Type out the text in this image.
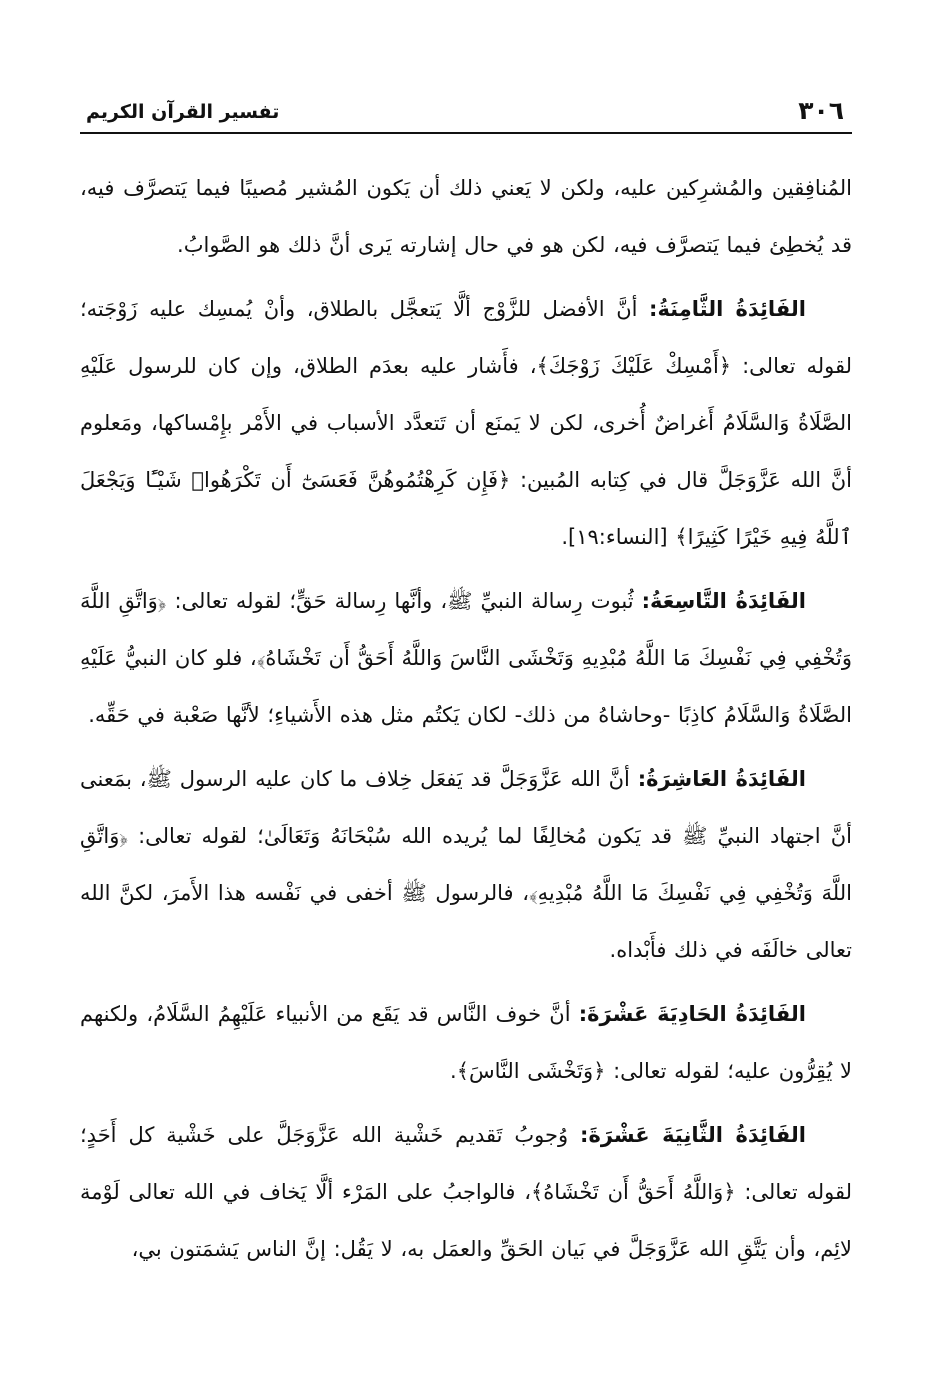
٣٠٦
تفسير القرآن الكريم

المُنافِقين والمُشرِكين عليه، ولكن لا يَعني ذلك أن يَكون المُشير مُصيبًا فيما يَتصرَّف فيه، قد يُخطِئ فيما يَتصرَّف فيه، لكن هو في حال إشارته يَرى أنَّ ذلك هو الصَّوابُ.

الفَائِدَةُ الثَّامِنَةُ: أنَّ الأفضل للزَّوْج ألَّا يَتعجَّل بالطلاق، وأنْ يُمسِك عليه زَوْجَته؛ لقوله تعالى: ﴿أَمْسِكْ عَلَيْكَ زَوْجَكَ﴾، فأَشار عليه بعدَم الطلاق، وإن كان للرسول عَلَيْهِ الصَّلَاةُ وَالسَّلَامُ أَغراضٌ أُخرى، لكن لا يَمنَع أن تَتعدَّد الأسباب في الأَمْر بإِمْساكها، ومَعلوم أنَّ الله عَزَّوَجَلَّ قال في كِتابه المُبين: ﴿فَإِن كَرِهْتُمُوهُنَّ فَعَسَىٰٓ أَن تَكْرَهُوا۟ شَيْـًٔا وَيَجْعَلَ ٱللَّهُ فِيهِ خَيْرًا كَثِيرًا﴾ [النساء:١٩].

الفَائِدَةُ التَّاسِعَةُ: ثُبوت رِسالة النبيِّ ﷺ، وأنَّها رِسالة حَقٍّ؛ لقوله تعالى: ﴿وَاتَّقِ اللَّهَ وَتُخْفِي فِي نَفْسِكَ مَا اللَّهُ مُبْدِيهِ وَتَخْشَى النَّاسَ وَاللَّهُ أَحَقُّ أَن تَخْشَاهُ﴾، فلو كان النبيُّ عَلَيْهِ الصَّلَاةُ وَالسَّلَامُ كاذِبًا -وحاشاهُ من ذلك- لكان يَكتُم مثل هذه الأَشياءِ؛ لأنَّها صَعْبة في حَقِّه.

الفَائِدَةُ العَاشِرَةُ: أنَّ الله عَزَّوَجَلَّ قد يَفعَل خِلاف ما كان عليه الرسول ﷺ، بمَعنى أنَّ اجتهاد النبيِّ ﷺ قد يَكون مُخالِفًا لما يُريده الله سُبْحَانَهُ وَتَعَالَىٰ؛ لقوله تعالى: ﴿وَاتَّقِ اللَّهَ وَتُخْفِي فِي نَفْسِكَ مَا اللَّهُ مُبْدِيهِ﴾، فالرسول ﷺ أخفى في نَفْسه هذا الأَمرَ، لكنَّ الله تعالى خالَفَه في ذلك فأَبْداه.

الفَائِدَةُ الحَادِيَةَ عَشْرَةَ: أنَّ خوف النَّاس قد يَقَع من الأنبياء عَلَيْهِمُ السَّلَامُ، ولكنهم لا يُقِرُّون عليه؛ لقوله تعالى: ﴿وَتَخْشَى النَّاسَ﴾.

الفَائِدَةُ الثَّانِيَةَ عَشْرَةَ: وُجوبُ تَقديم خَشْية الله عَزَّوَجَلَّ على خَشْية كل أَحَدٍ؛ لقوله تعالى: ﴿وَاللَّهُ أَحَقُّ أَن تَخْشَاهُ﴾، فالواجبُ على المَرْء ألَّا يَخاف في الله تعالى لَوْمة لائِم، وأن يَتَّقِ الله عَزَّوَجَلَّ في بَيان الحَقِّ والعمَل به، لا يَقُل: إنَّ الناس يَشمَتون بي،
